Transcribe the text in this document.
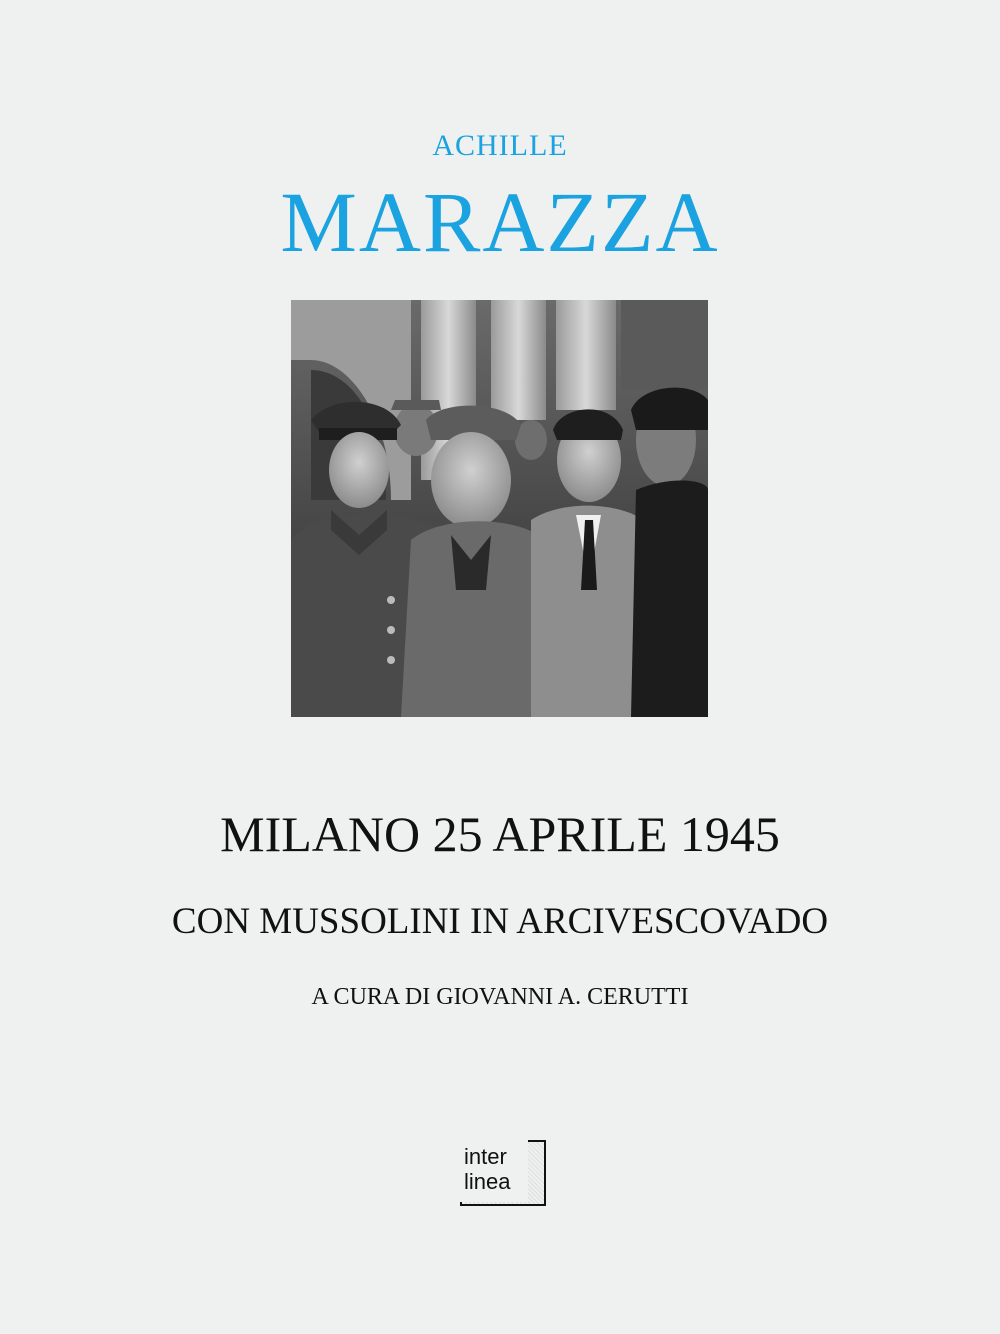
ACHILLE
MARAZZA
MILANO 25 APRILE 1945
CON MUSSOLINI IN ARCIVESCOVADO
A CURA DI GIOVANNI A. CERUTTI
inter
linea
